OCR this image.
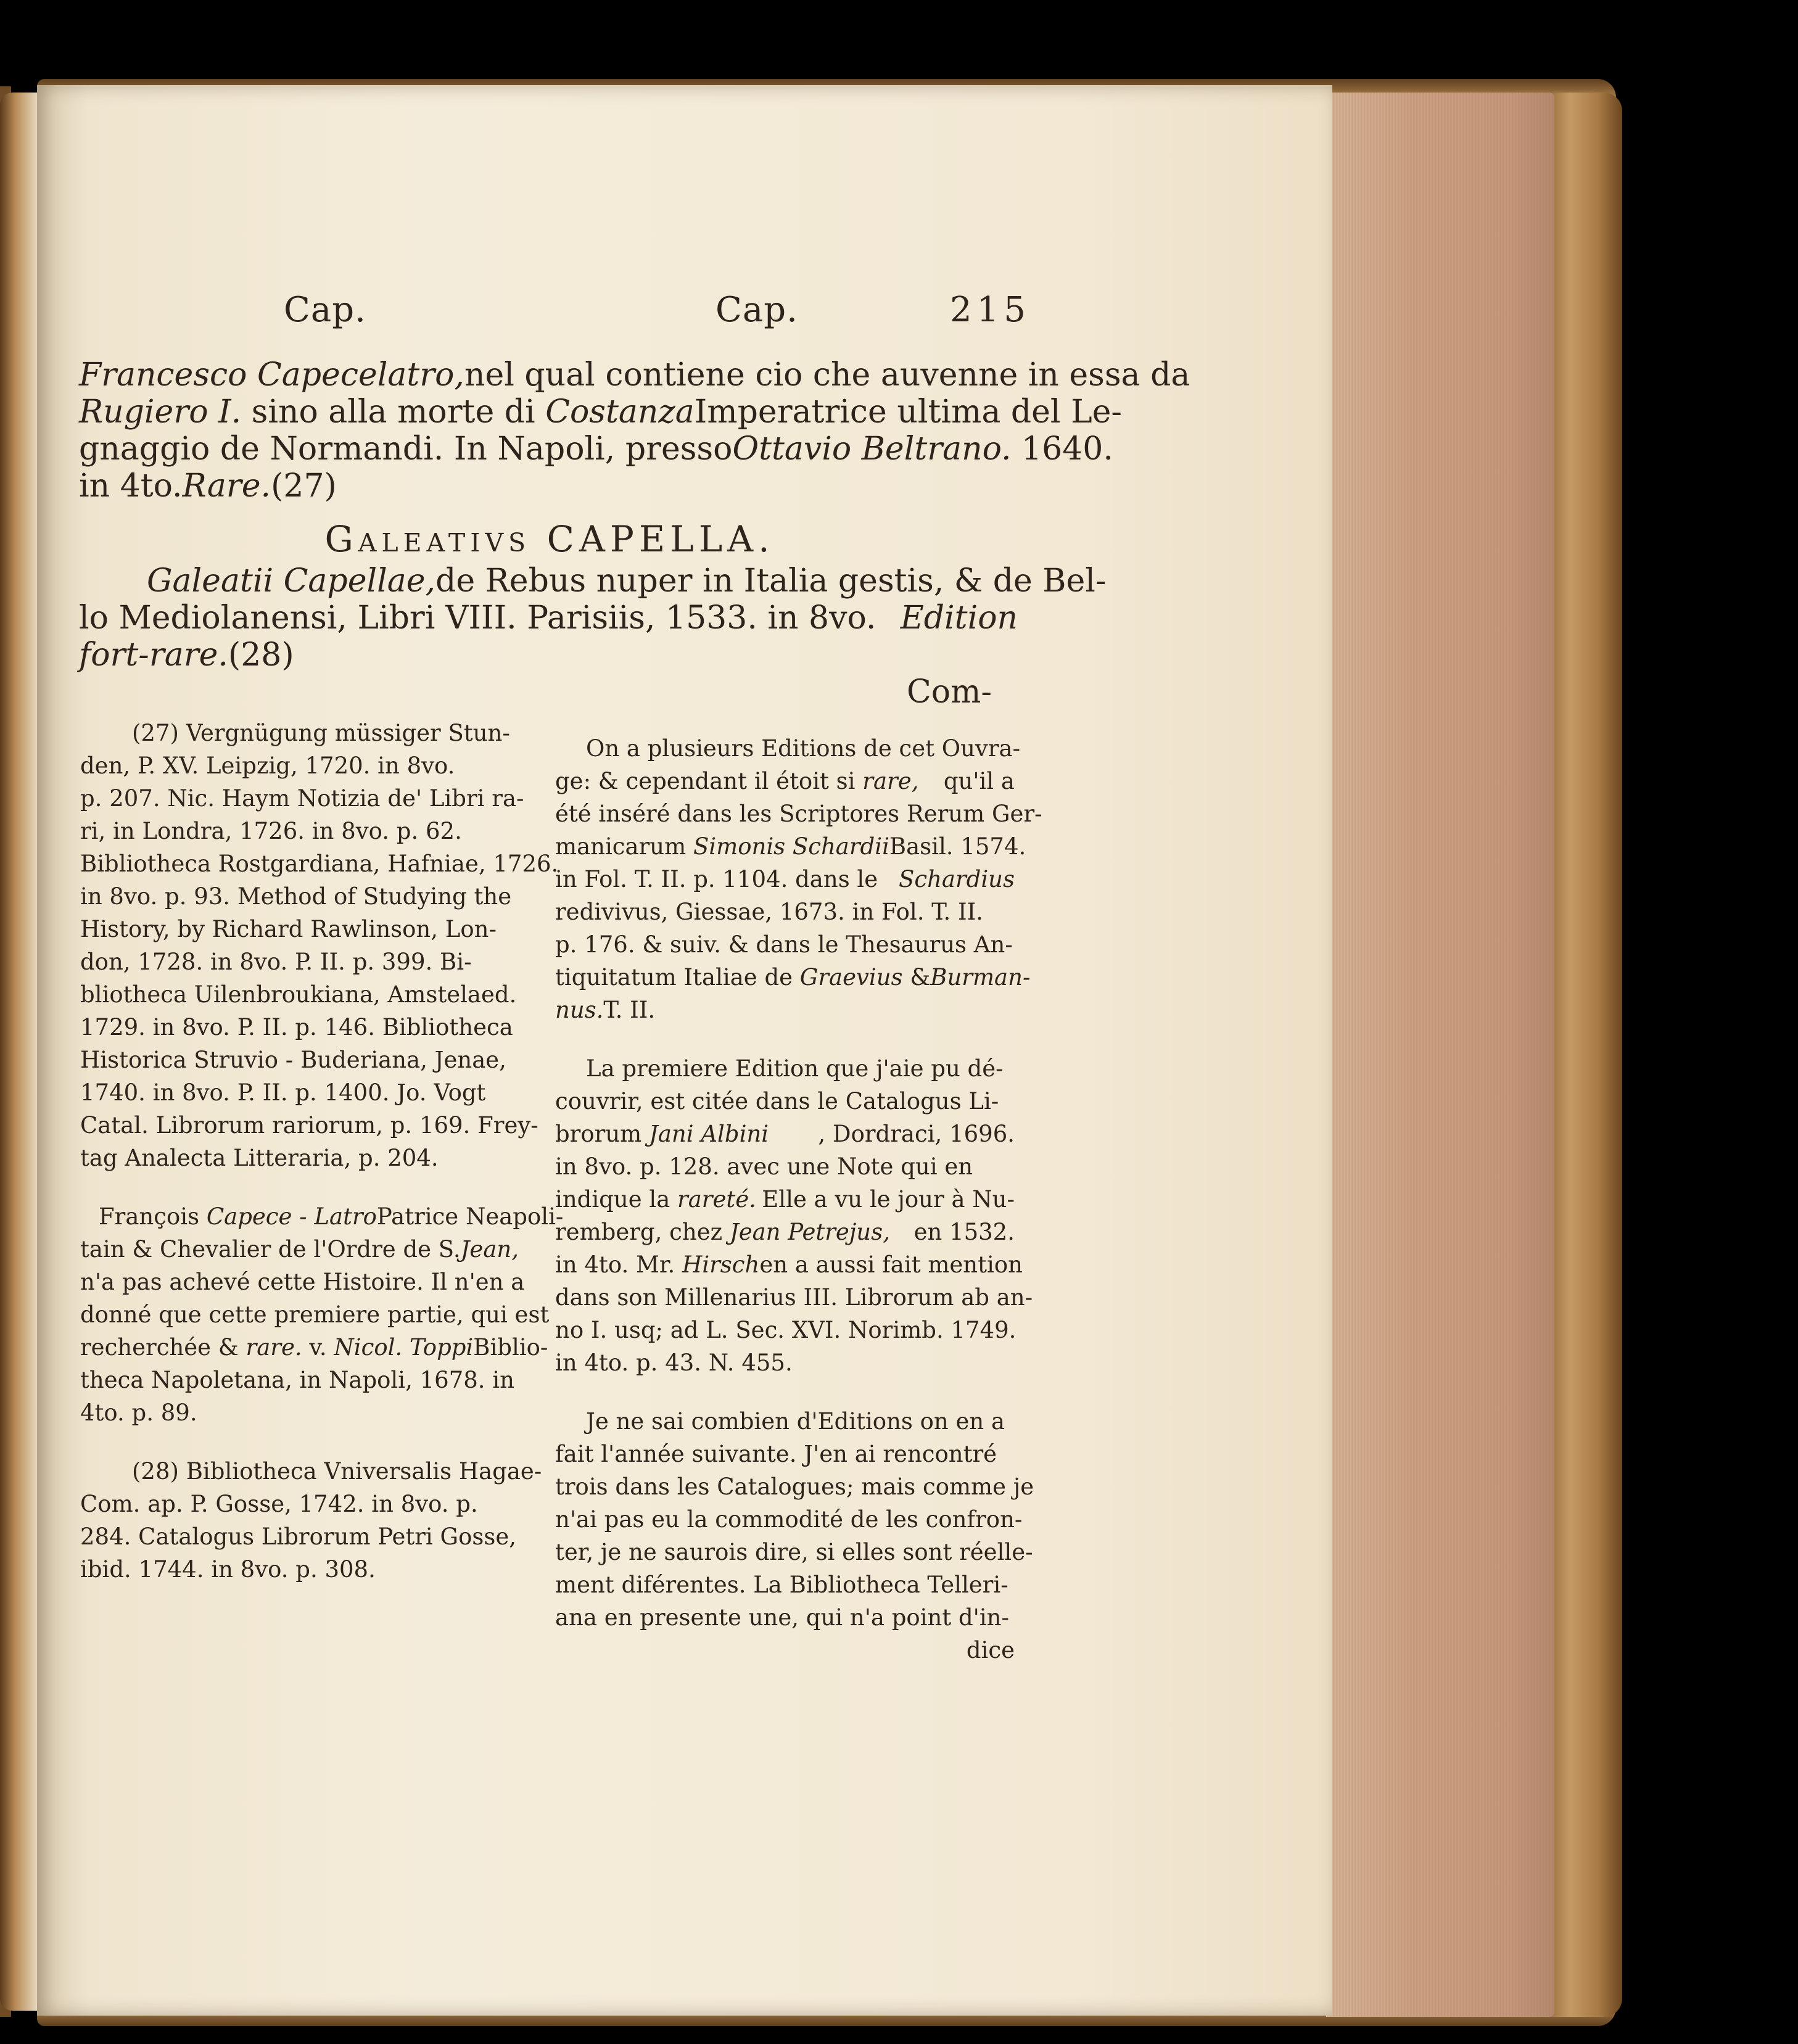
Cap.	Cap.	215
Francesco Capecelatro, nel qual contiene cio che auvenne in essa da
Rugiero I. sino alla morte di Costanza Imperatrice ultima del Le-
gnaggio de Normandi. In Napoli, presso Ottavio Beltrano. 1640.
in 4to. Rare. (27)
Galeativs CAPELLA.
Galeatii Capellae, de Rebus nuper in Italia gestis, & de Bel-
lo Mediolanensi, Libri VIII. Parisiis, 1533. in 8vo. Edition
fort-rare. (28)
Com-
(27) Vergnügung müssiger Stun-
den, P. XV. Leipzig, 1720. in 8vo.
p. 207. Nic. Haym Notizia de' Libri ra-
ri, in Londra, 1726. in 8vo. p. 62.
Bibliotheca Rostgardiana, Hafniae, 1726.
in 8vo. p. 93. Method of Studying the
History, by Richard Rawlinson, Lon-
don, 1728. in 8vo. P. II. p. 399. Bi-
bliotheca Uilenbroukiana, Amstelaed.
1729. in 8vo. P. II. p. 146. Bibliotheca
Historica Struvio - Buderiana, Jenae,
1740. in 8vo. P. II. p. 1400. Jo. Vogt
Catal. Librorum rariorum, p. 169. Frey-
tag Analecta Litteraria, p. 204.
François Capece - Latro Patrice Neapoli-
tain & Chevalier de l'Ordre de S. Jean,
n'a pas achevé cette Histoire. Il n'en a
donné que cette premiere partie, qui est
recherchée & rare. v. Nicol. Toppi Biblio-
theca Napoletana, in Napoli, 1678. in
4to. p. 89.
(28) Bibliotheca Vniversalis Hagae-
Com. ap. P. Gosse, 1742. in 8vo. p.
284. Catalogus Librorum Petri Gosse,
ibid. 1744. in 8vo. p. 308.
On a plusieurs Editions de cet Ouvra-
ge: & cependant il étoit si rare, qu'il a
été inséré dans les Scriptores Rerum Ger-
manicarum Simonis Schardii Basil. 1574.
in Fol. T. II. p. 1104. dans le Schardius
redivivus, Giessae, 1673. in Fol. T. II.
p. 176. & suiv. & dans le Thesaurus An-
tiquitatum Italiae de Graevius & Burman-
nus. T. II.
La premiere Edition que j'aie pu dé-
couvrir, est citée dans le Catalogus Li-
brorum Jani Albini , Dordraci, 1696.
in 8vo. p. 128. avec une Note qui en
indique la rareté. Elle a vu le jour à Nu-
remberg, chez Jean Petrejus, en 1532.
in 4to. Mr. Hirsch en a aussi fait mention
dans son Millenarius III. Librorum ab an-
no I. usq; ad L. Sec. XVI. Norimb. 1749.
in 4to. p. 43. N. 455.
Je ne sai combien d'Editions on en a
fait l'année suivante. J'en ai rencontré
trois dans les Catalogues; mais comme je
n'ai pas eu la commodité de les confron-
ter, je ne saurois dire, si elles sont réelle-
ment diférentes. La Bibliotheca Telleri-
ana en presente une, qui n'a point d'in-
dice
